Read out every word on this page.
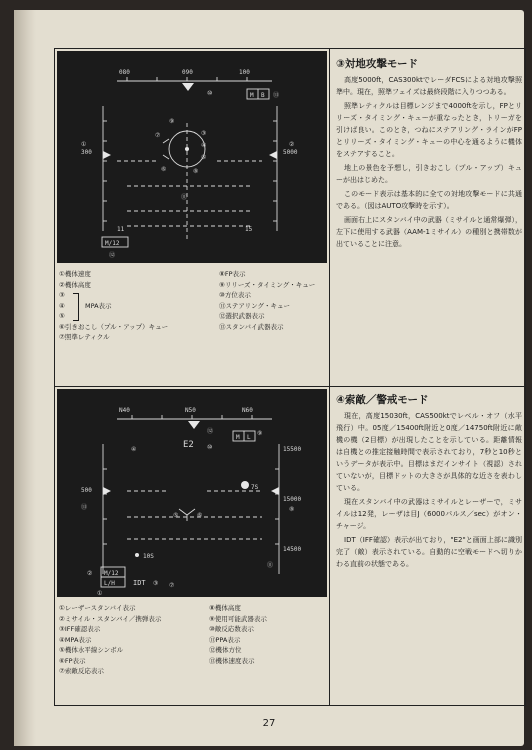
080	090	100
M B
300	5000
11	15
M/12
①	②
③
④
⑤
⑥
⑦
⑧
⑨
⑩
⑪
⑫
⑬
①機体速度
②機体高度
③
④	MPA表示
⑤
⑥引きおこし（プル・アップ）キュー
⑦照準レティクル
⑧FP表示
⑨リリーズ・タイミング・キュー
⑩方位表示
⑪ステアリング・キュー
⑫選択武器表示
⑬スタンバイ武器表示
③対地攻撃モード

高度5000ft，CAS300ktでレーダFCSによる対地攻撃照準中。現在，照準フェイズは最終段階に入りつつある。

照準レティクルは目標レンジまで4000ftを示し，FPとリリーズ・タイミング・キューが重なったとき，トリーガを引けば良い。このとき，つねにステアリング・ラインがFPとリリーズ・タイミング・キューの中心を通るように機体をステアすること。

地上の景色を予想し，引きおこし（プル・アップ）キューが出はじめた。

このモード表示は基本的に全ての対地攻撃モードに共通である。（図はAUTO攻撃時を示す）。

画面右上にスタンバイ中の武器（ミサイルと通常爆弾），左下に使用する武器（AAM-1ミサイル）の種別と携帯数が出ていることに注意。

N40	N50	N60
E2
M L
500
15500
15000
14500
7S
10S
M/12
L/H	IDT
①
②
③
④
⑤	⑥
⑦
⑧
⑨
⑩
⑪
⑫
⑬
①レーザースタンバイ表示
②ミサイル・スタンバイ／携弾表示
③IFF確認表示
④MPA表示
⑤機体水平線シンボル
⑥FP表示
⑦索敵反応表示
⑧機体高度
⑨使用可能武器表示
⑩敵反応数表示
⑪PPA表示
⑫機体方位
⑬機体速度表示
④索敵／警戒モード

現在，高度15030ft，CAS500ktでレベル・オフ（水平飛行）中。05度／15400ft附近と0度／14750ft附近に敵機の機（2目標）が出現したことを示している。距離情報は自機との推定接触時間で表示されており，7秒と10秒というデータが表示中。目標はまだインサイト（視認）されていないが，目標ドットの大きさが具体的な近さを表わしている。

現在スタンバイ中の武器はミサイルとレーザーで，ミサイルは12発，レーザは目J（6000パルス／sec）がオン・チャージ。

IDT（IFF確認）表示が出ており，"E2"と画面上部に識別完了（敵）表示されている。自動的に空戦モードへ切りかわる直前の状態である。

27
